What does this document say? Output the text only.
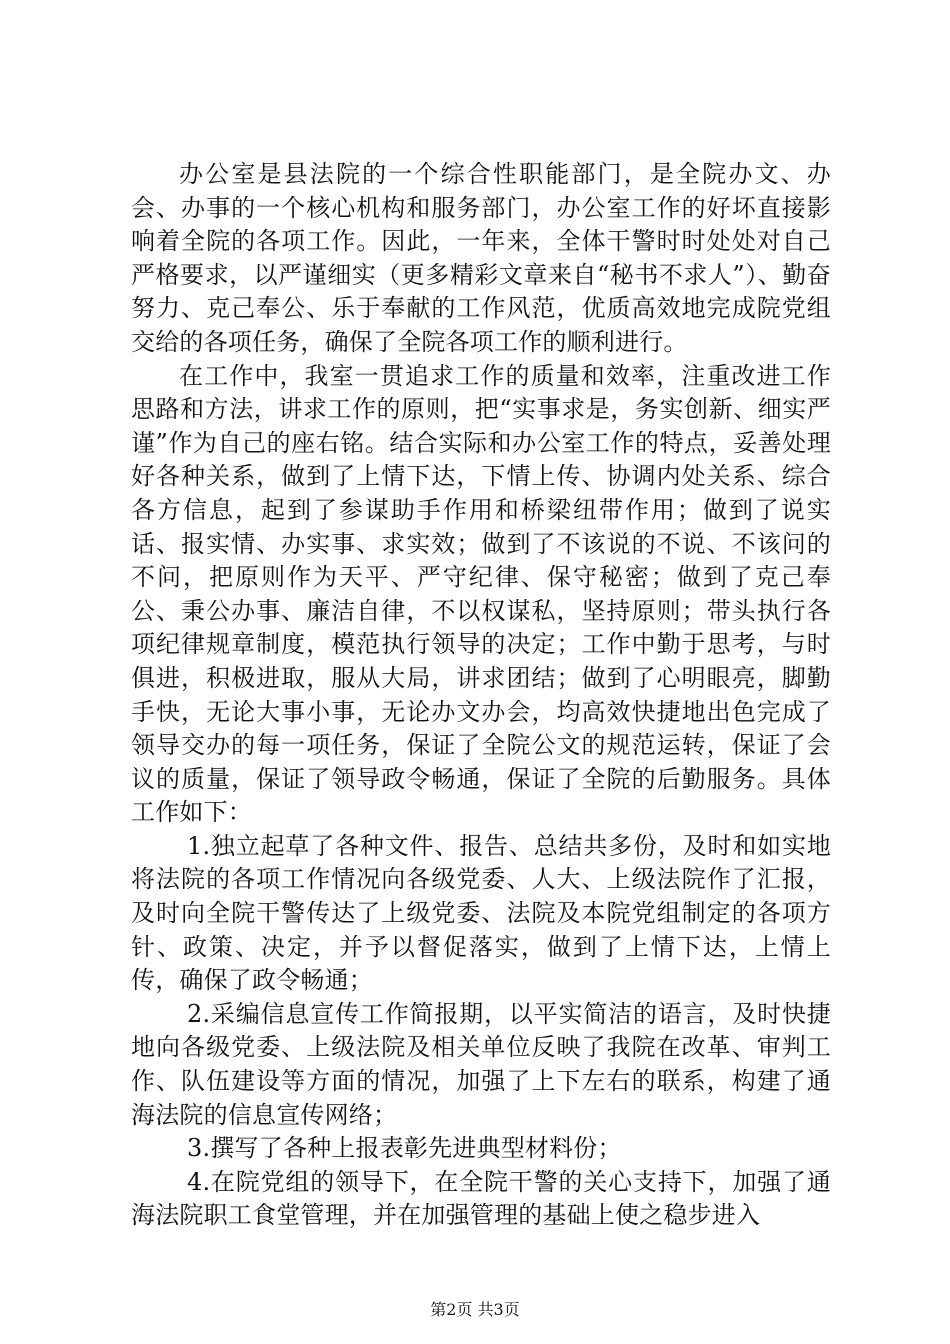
办公室是县法院的一个综合性职能部门，是全院办文、办会、办事的一个核心机构和服务部门，办公室工作的好坏直接影响着全院的各项工作。因此，一年来，全体干警时时处处对自己严格要求，以严谨细实（更多精彩文章来自“秘书不求人”）、勤奋努力、克己奉公、乐于奉献的工作风范，优质高效地完成院党组交给的各项任务，确保了全院各项工作的顺利进行。

在工作中，我室一贯追求工作的质量和效率，注重改进工作思路和方法，讲求工作的原则，把“实事求是，务实创新、细实严谨”作为自己的座右铭。结合实际和办公室工作的特点，妥善处理好各种关系，做到了上情下达，下情上传、协调内处关系、综合各方信息，起到了参谋助手作用和桥梁纽带作用；做到了说实话、报实情、办实事、求实效；做到了不该说的不说、不该问的不问，把原则作为天平、严守纪律、保守秘密；做到了克己奉公、秉公办事、廉洁自律，不以权谋私，坚持原则；带头执行各项纪律规章制度，模范执行领导的决定；工作中勤于思考，与时俱进，积极进取，服从大局，讲求团结；做到了心明眼亮，脚勤手快，无论大事小事，无论办文办会，均高效快捷地出色完成了领导交办的每一项任务，保证了全院公文的规范运转，保证了会议的质量，保证了领导政令畅通，保证了全院的后勤服务。具体工作如下：

1.独立起草了各种文件、报告、总结共多份，及时和如实地将法院的各项工作情况向各级党委、人大、上级法院作了汇报，及时向全院干警传达了上级党委、法院及本院党组制定的各项方针、政策、决定，并予以督促落实，做到了上情下达，上情上传，确保了政令畅通；

2.采编信息宣传工作简报期，以平实简洁的语言，及时快捷地向各级党委、上级法院及相关单位反映了我院在改革、审判工作、队伍建设等方面的情况，加强了上下左右的联系，构建了通海法院的信息宣传网络；

3.撰写了各种上报表彰先进典型材料份；

4.在院党组的领导下，在全院干警的关心支持下，加强了通海法院职工食堂管理，并在加强管理的基础上使之稳步进入

第2页 共3页
